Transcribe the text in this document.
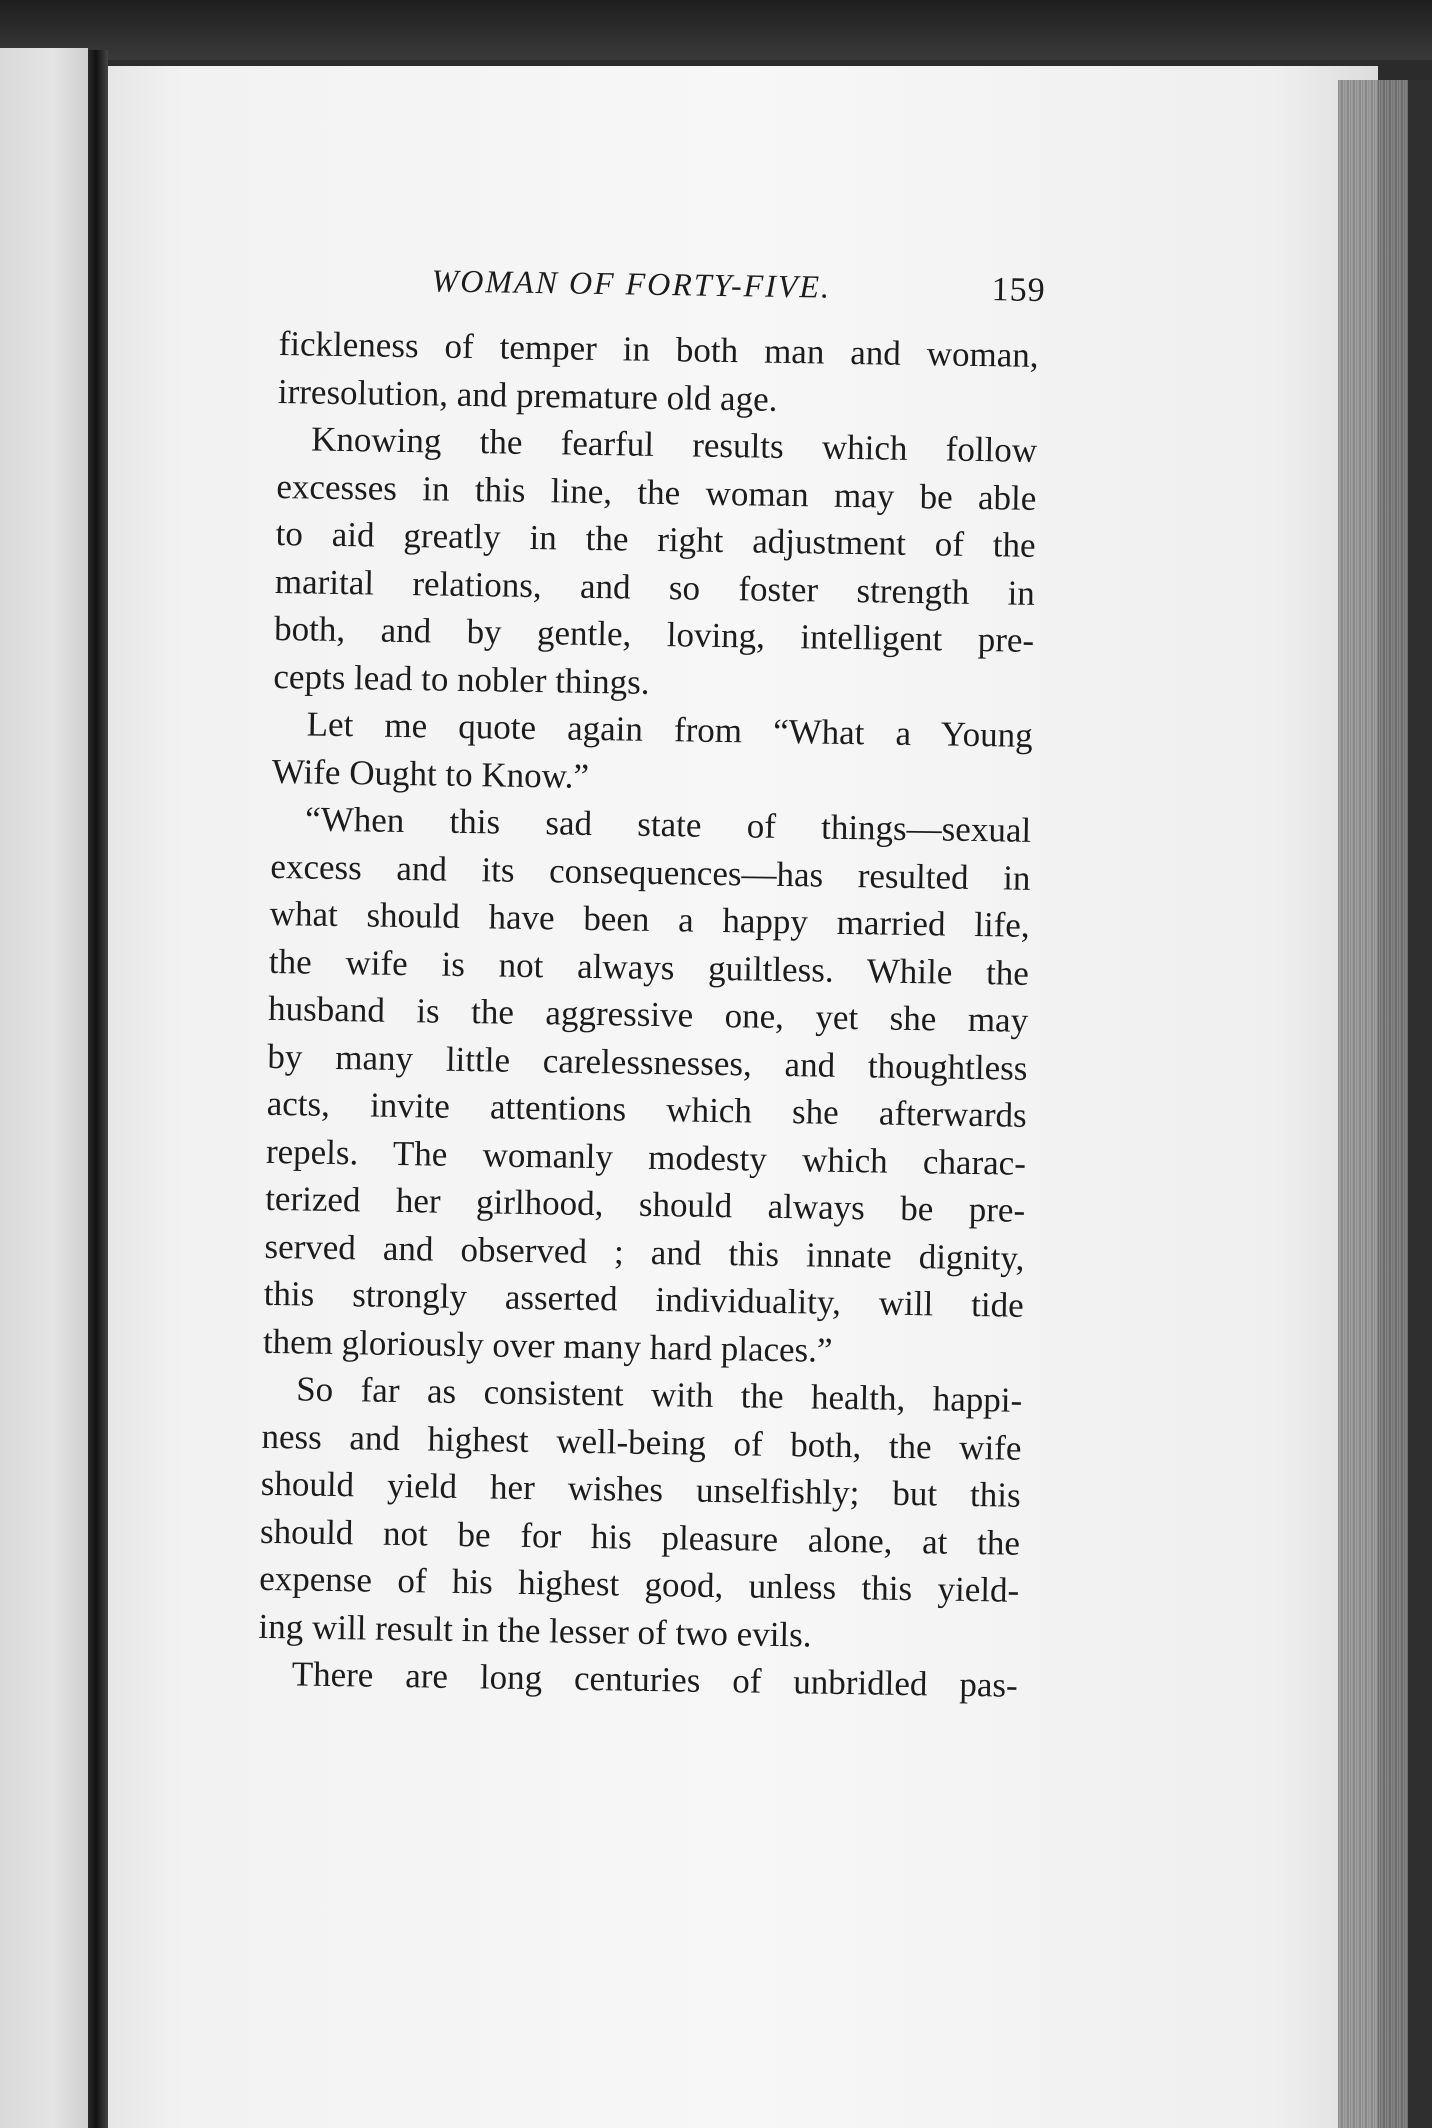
WOMAN OF FORTY-FIVE.	159
fickleness of temper in both man and woman,
irresolution, and premature old age.
Knowing the fearful results which follow
excesses in this line, the woman may be able
to aid greatly in the right adjustment of the
marital relations, and so foster strength in
both, and by gentle, loving, intelligent pre-
cepts lead to nobler things.
Let me quote again from “What a Young
Wife Ought to Know.”
“When this sad state of things—sexual
excess and its consequences—has resulted in
what should have been a happy married life,
the wife is not always guiltless. While the
husband is the aggressive one, yet she may
by many little carelessnesses, and thoughtless
acts, invite attentions which she afterwards
repels. The womanly modesty which charac-
terized her girlhood, should always be pre-
served and observed ; and this innate dignity,
this strongly asserted individuality, will tide
them gloriously over many hard places.”
So far as consistent with the health, happi-
ness and highest well-being of both, the wife
should yield her wishes unselfishly; but this
should not be for his pleasure alone, at the
expense of his highest good, unless this yield-
ing will result in the lesser of two evils.
There are long centuries of unbridled pas-
